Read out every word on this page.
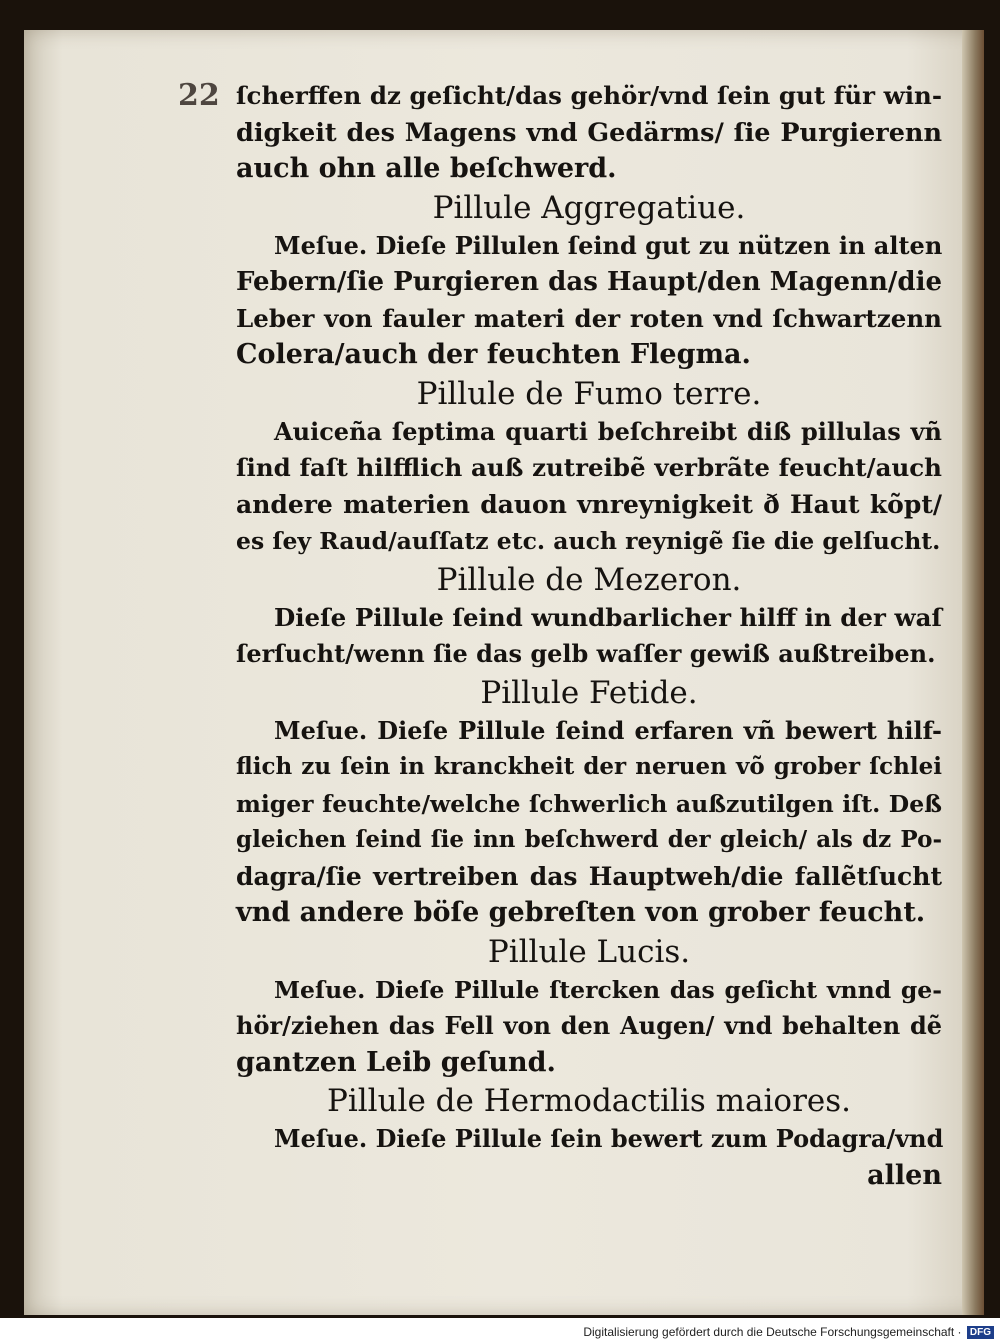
22 ſcherffen dz geſicht/das gehör/vnd ſein gut für win-
digkeit des Magens vnd Gedärms/ ſie Purgierenn
auch ohn alle beſchwerd.
Pillule Aggregatiue.
Meſue. Dieſe Pillulen ſeind gut zu nützen in alten
Febern/ſie Purgieren das Haupt/den Magenn/die
Leber von fauler materi der roten vnd ſchwartzenn
Colera/auch der feuchten Flegma.
Pillule de Fumo terre.
Auiceña ſeptima quarti beſchreibt diß pillulas vñ
ſind faſt hilfflich auß zutreibẽ verbrãte feucht/auch
andere materien dauon vnreynigkeit ð Haut kõpt/
es ſey Raud/auſſatz etc. auch reynigẽ ſie die gelſucht.
Pillule de Mezeron.
Dieſe Pillule ſeind wundbarlicher hilff in der waſ
ſerſucht/wenn ſie das gelb waſſer gewiß außtreiben.
Pillule Fetide.
Meſue. Dieſe Pillule ſeind erfaren vñ bewert hilf-
flich zu ſein in kranckheit der neruen võ grober ſchlei
miger feuchte/welche ſchwerlich außzutilgen iſt. Deß
gleichen ſeind ſie inn beſchwerd der gleich/ als dz Po-
dagra/ſie vertreiben das Hauptweh/die fallẽtſucht
vnd andere böſe gebreſten von grober feucht.
Pillule Lucis.
Meſue. Dieſe Pillule ſtercken das geſicht vnnd ge-
hör/ziehen das Fell von den Augen/ vnd behalten dẽ
gantzen Leib geſund.
Pillule de Hermodactilis maiores.
Meſue. Dieſe Pillule ſein bewert zum Podagra/vnd
allen
Digitalisierung gefördert durch die Deutsche Forschungsgemeinschaft · DFG
